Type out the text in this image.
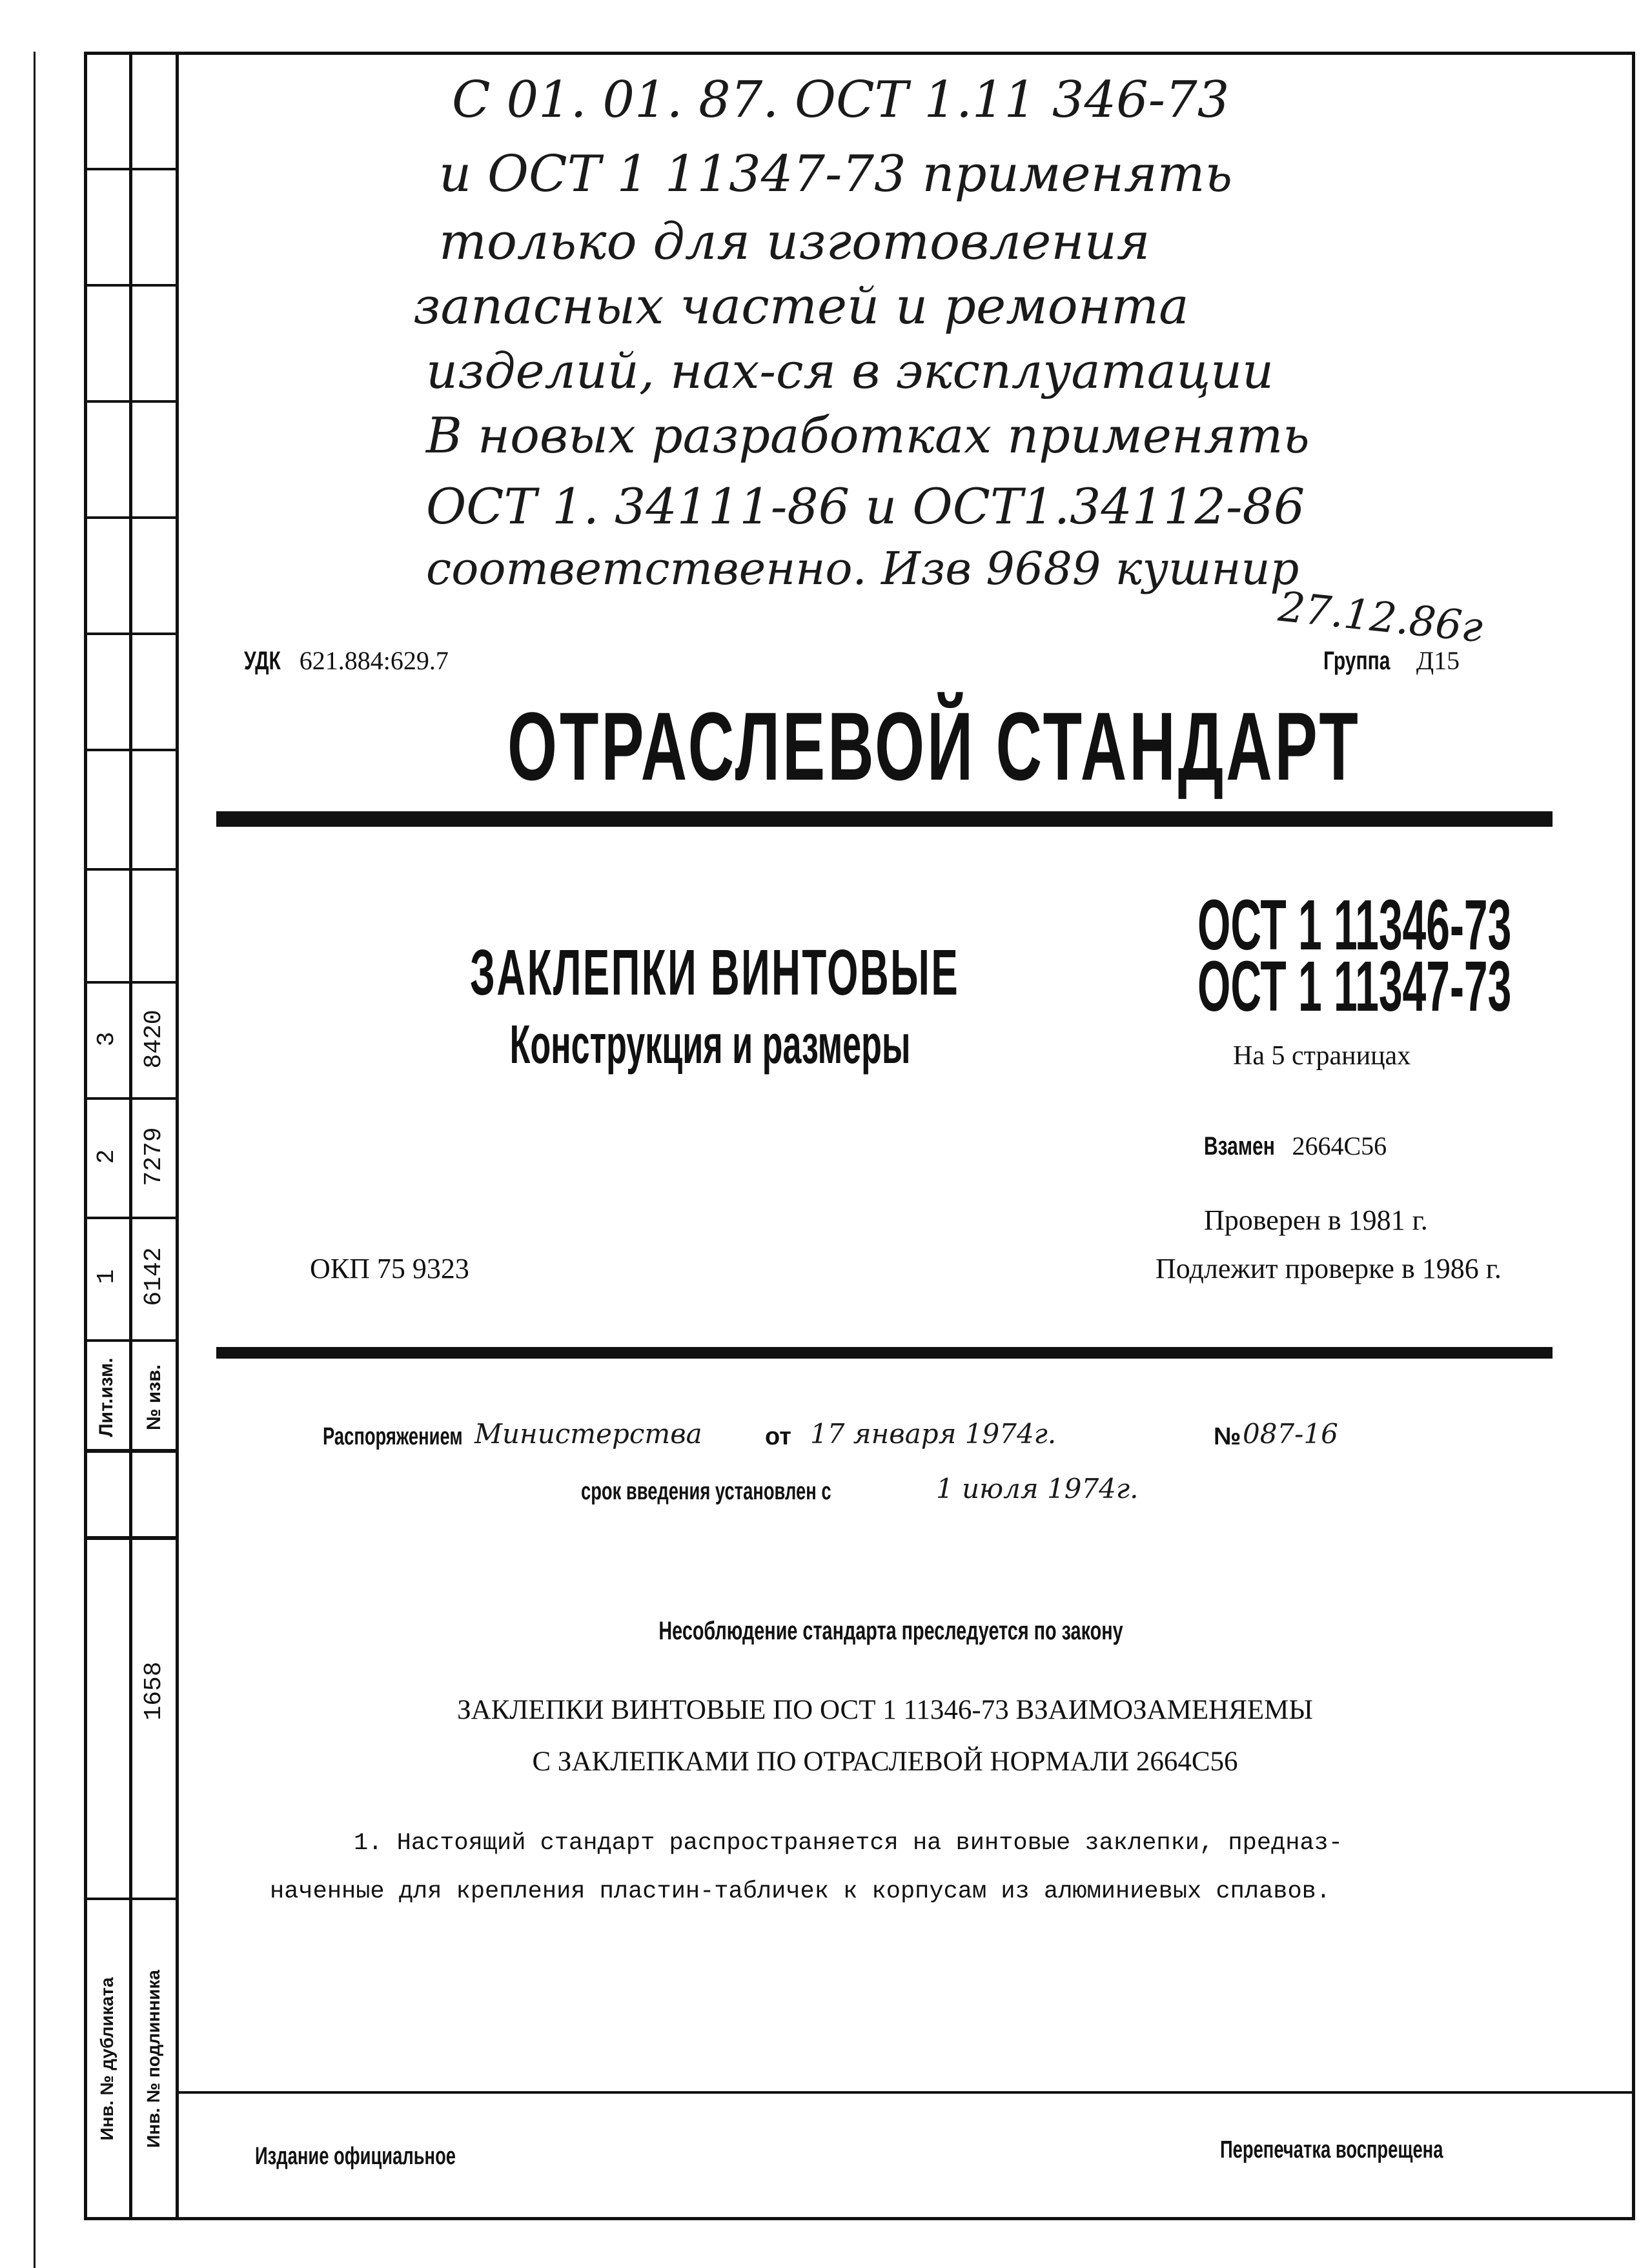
Лит.изм.	№ изв.
1 6142
2 7279
3 8420
1658
Инв. № дубликата	Инв. № подлинника
С 01. 01. 87. ОСТ 1.11 346-73
и ОСТ 1 11347-73 применять
только для изготовления
запасных частей и ремонта
изделий, нах-ся в эксплуатации
В новых разработках применять
ОСТ 1. 34111-86 и ОСТ1.34112-86
соответственно. Изв 9689 кушнир
27.12.86г
УДК 621.884:629.7	Группа Д15
ОТРАСЛЕВОЙ СТАНДАРТ
ЗАКЛЕПКИ ВИНТОВЫЕ
Конструкция и размеры
ОСТ 1 11346-73
ОСТ 1 11347-73
На 5 страницах
Взамен 2664С56
Проверен в 1981 г.
Подлежит проверке в 1986 г.
ОКП 75 9323
Распоряжением Министерства	от 17 января 1974г.	№ 087-16
срок введения установлен с	1 июля 1974г.
Несоблюдение стандарта преследуется по закону
ЗАКЛЕПКИ ВИНТОВЫЕ ПО ОСТ 1 11346-73 ВЗАИМОЗАМЕНЯЕМЫ
С ЗАКЛЕПКАМИ ПО ОТРАСЛЕВОЙ НОРМАЛИ 2664С56
1. Настоящий стандарт распространяется на винтовые заклепки, предназ-
наченные для крепления пластин-табличек к корпусам из алюминиевых сплавов.
Издание официальное	Перепечатка воспрещена
